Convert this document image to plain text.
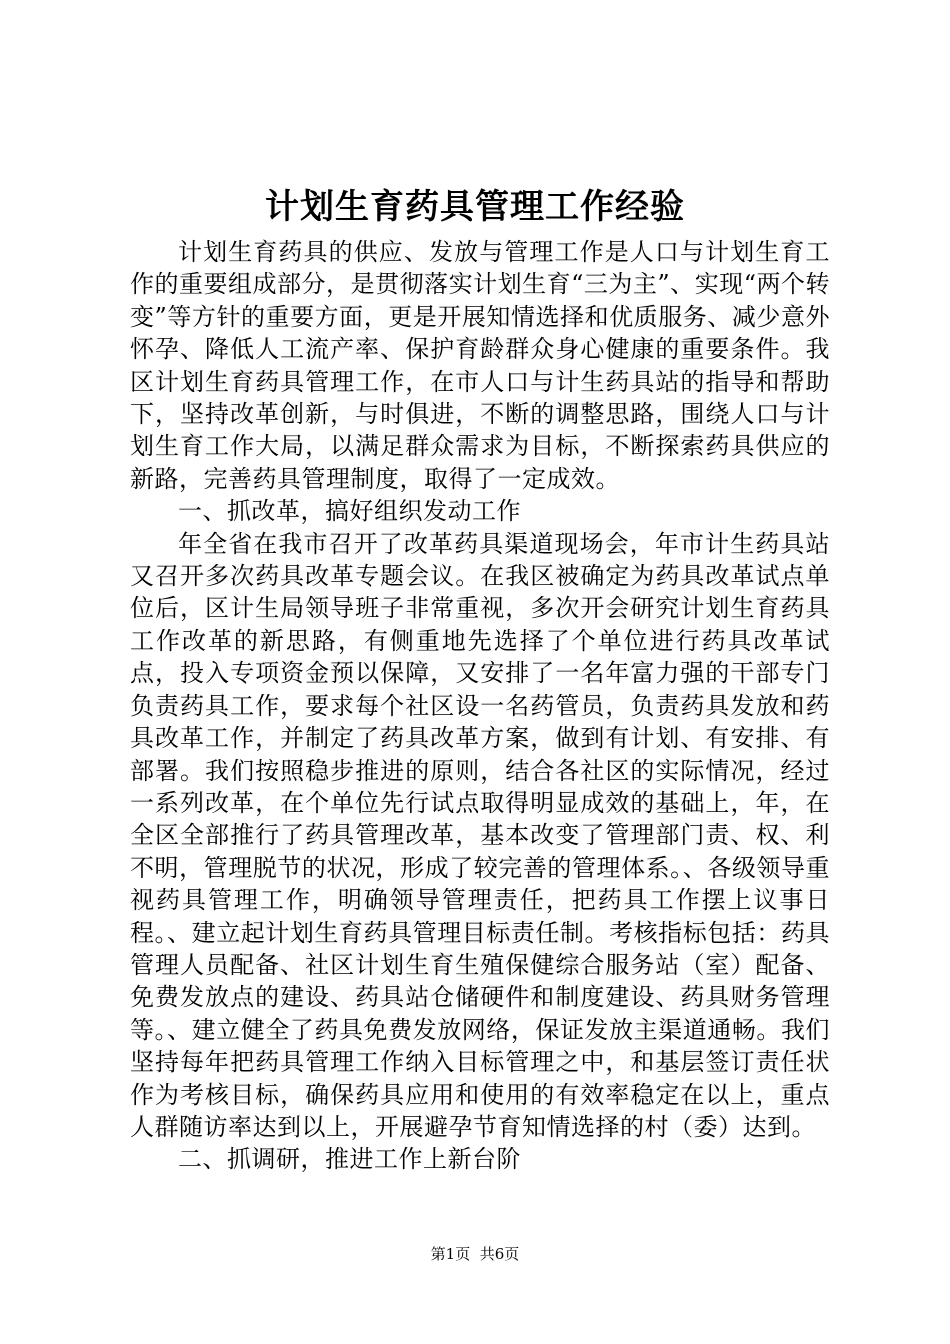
计划生育药具管理工作经验

计划生育药具的供应、发放与管理工作是人口与计划生育工作的重要组成部分，是贯彻落实计划生育“三为主”、实现“两个转变”等方针的重要方面，更是开展知情选择和优质服务、减少意外怀孕、降低人工流产率、保护育龄群众身心健康的重要条件。我区计划生育药具管理工作，在市人口与计生药具站的指导和帮助下，坚持改革创新，与时俱进，不断的调整思路，围绕人口与计划生育工作大局，以满足群众需求为目标，不断探索药具供应的新路，完善药具管理制度，取得了一定成效。

一、抓改革，搞好组织发动工作

年全省在我市召开了改革药具渠道现场会，年市计生药具站又召开多次药具改革专题会议。在我区被确定为药具改革试点单位后，区计生局领导班子非常重视，多次开会研究计划生育药具工作改革的新思路，有侧重地先选择了个单位进行药具改革试点，投入专项资金预以保障，又安排了一名年富力强的干部专门负责药具工作，要求每个社区设一名药管员，负责药具发放和药具改革工作，并制定了药具改革方案，做到有计划、有安排、有部署。我们按照稳步推进的原则，结合各社区的实际情况，经过一系列改革，在个单位先行试点取得明显成效的基础上，年，在全区全部推行了药具管理改革，基本改变了管理部门责、权、利不明，管理脱节的状况，形成了较完善的管理体系。、各级领导重视药具管理工作，明确领导管理责任，把药具工作摆上议事日程。、建立起计划生育药具管理目标责任制。考核指标包括：药具管理人员配备、社区计划生育生殖保健综合服务站（室）配备、免费发放点的建设、药具站仓储硬件和制度建设、药具财务管理等。、建立健全了药具免费发放网络，保证发放主渠道通畅。我们坚持每年把药具管理工作纳入目标管理之中，和基层签订责任状作为考核目标，确保药具应用和使用的有效率稳定在以上，重点人群随访率达到以上，开展避孕节育知情选择的村（委）达到。

二、抓调研，推进工作上新台阶

第1页 共6页
